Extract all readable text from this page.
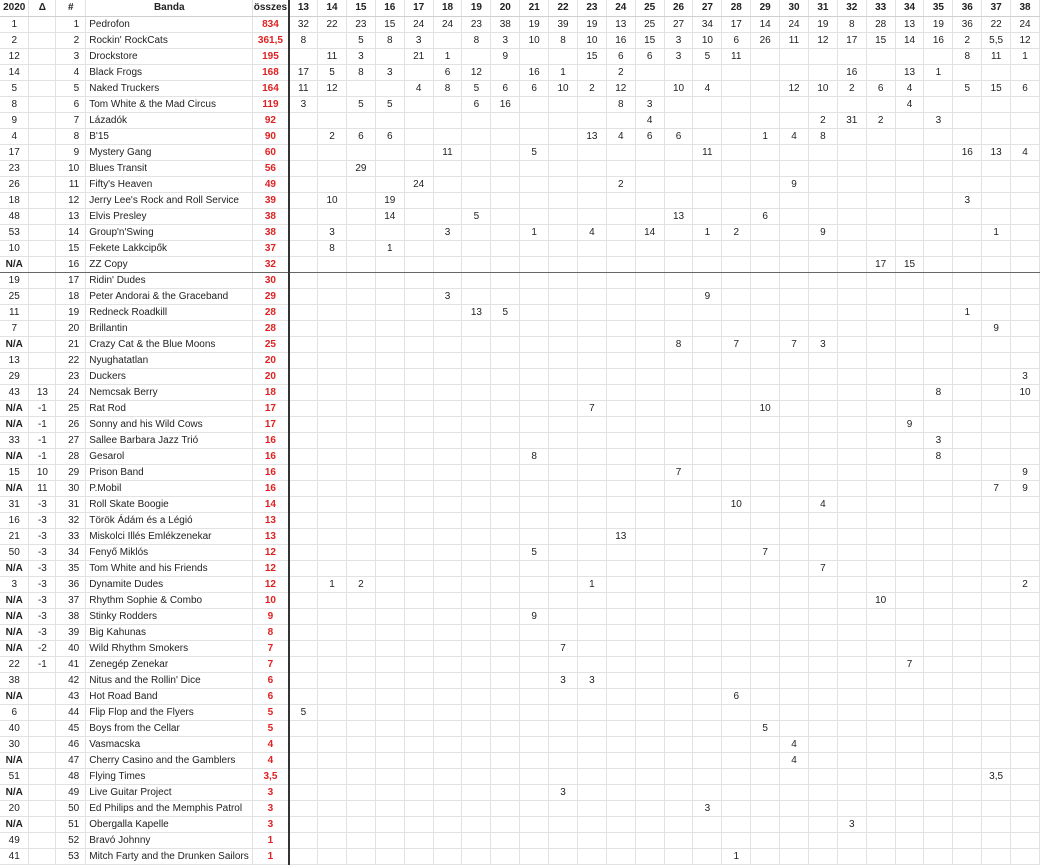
2020	Δ	#	Banda	összes	13	14	15	16	17	18	19	20	21	22	23	24	25	26	27	28	29	30	31	32	33	34	35	36	37	38
1		1	Pedrofon	834	32	22	23	15	24	24	23	38	19	39	19	13	25	27	34	17	14	24	19	8	28	13	19	36	22	24
2		2	Rockin' RockCats	361,5	8		5	8	3		8	3	10	8	10	16	15	3	10	6	26	11	12	17	15	14	16	2	5,5	12
12		3	Drockstore	195		11	3		21	1		9			15	6	6	3	5	11								8	11	1
14		4	Black Frogs	168	17	5	8	3		6	12		16	1		2								16		13	1			
5		5	Naked Truckers	164	11	12			4	8	5	6	6	10	2	12		10	4			12	10	2	6	4		5	15	6
8		6	Tom White & the Mad Circus	119	3		5	5			6	16				8	3									4				
9		7	Lázadók	92													4						2	31	2		3			
4		8	B'15	90		2	6	6							13	4	6	6			1	4	8							
17		9	Mystery Gang	60						11			5						11									16	13	4
23		10	Blues Transit	56			29																							
26		11	Fifty's Heaven	49					24							2						9								
18		12	Jerry Lee's Rock and Roll Service	39		10		19																				3		
48		13	Elvis Presley	38				14			5							13			6									
53		14	Group'n'Swing	38		3				3			1		4		14		1	2			9						1	
10		15	Fekete Lakkcipők	37		8		1																						
N/A		16	ZZ Copy	32																					17	15				
19		17	Ridin' Dudes	30																										
25		18	Peter Andorai & the Graceband	29						3									9											
11		19	Redneck Roadkill	28							13	5																1		
7		20	Brillantin	28																									9	
N/A		21	Crazy Cat & the Blue Moons	25														8		7		7	3							
13		22	Nyughatatlan	20																										
29		23	Duckers	20																										3
43	13	24	Nemcsak Berry	18																							8			10
N/A	-1	25	Rat Rod	17											7						10									
N/A	-1	26	Sonny and his Wild Cows	17																						9				
33	-1	27	Sallee Barbara Jazz Trió	16																							3			
N/A	-1	28	Gesarol	16									8														8			
15	10	29	Prison Band	16														7												9
N/A	11	30	P.Mobil	16																									7	9
31	-3	31	Roll Skate Boogie	14																10			4							
16	-3	32	Török Ádám és a Légió	13																										
21	-3	33	Miskolci Illés Emlékzenekar	13												13														
50	-3	34	Fenyő Miklós	12									5								7									
N/A	-3	35	Tom White and his Friends	12																			7							
3	-3	36	Dynamite Dudes	12		1	2								1															2
N/A	-3	37	Rhythm Sophie & Combo	10																					10					
N/A	-3	38	Stinky Rodders	9									9																	
N/A	-3	39	Big Kahunas	8																										
N/A	-2	40	Wild Rhythm Smokers	7										7																
22	-1	41	Zenegép Zenekar	7																						7				
38		42	Nitus and the Rollin' Dice	6										3	3															
N/A		43	Hot Road Band	6																6										
6		44	Flip Flop and the Flyers	5	5																									
40		45	Boys from the Cellar	5																	5									
30		46	Vasmacska	4																		4								
N/A		47	Cherry Casino and the Gamblers	4																		4								
51		48	Flying Times	3,5																									3,5	
N/A		49	Live Guitar Project	3										3																
20		50	Ed Philips and the Memphis Patrol	3															3											
N/A		51	Obergalla Kapelle	3																				3						
49		52	Bravó Johnny	1																										
41		53	Mitch Farty and the Drunken Sailors	1																1										
